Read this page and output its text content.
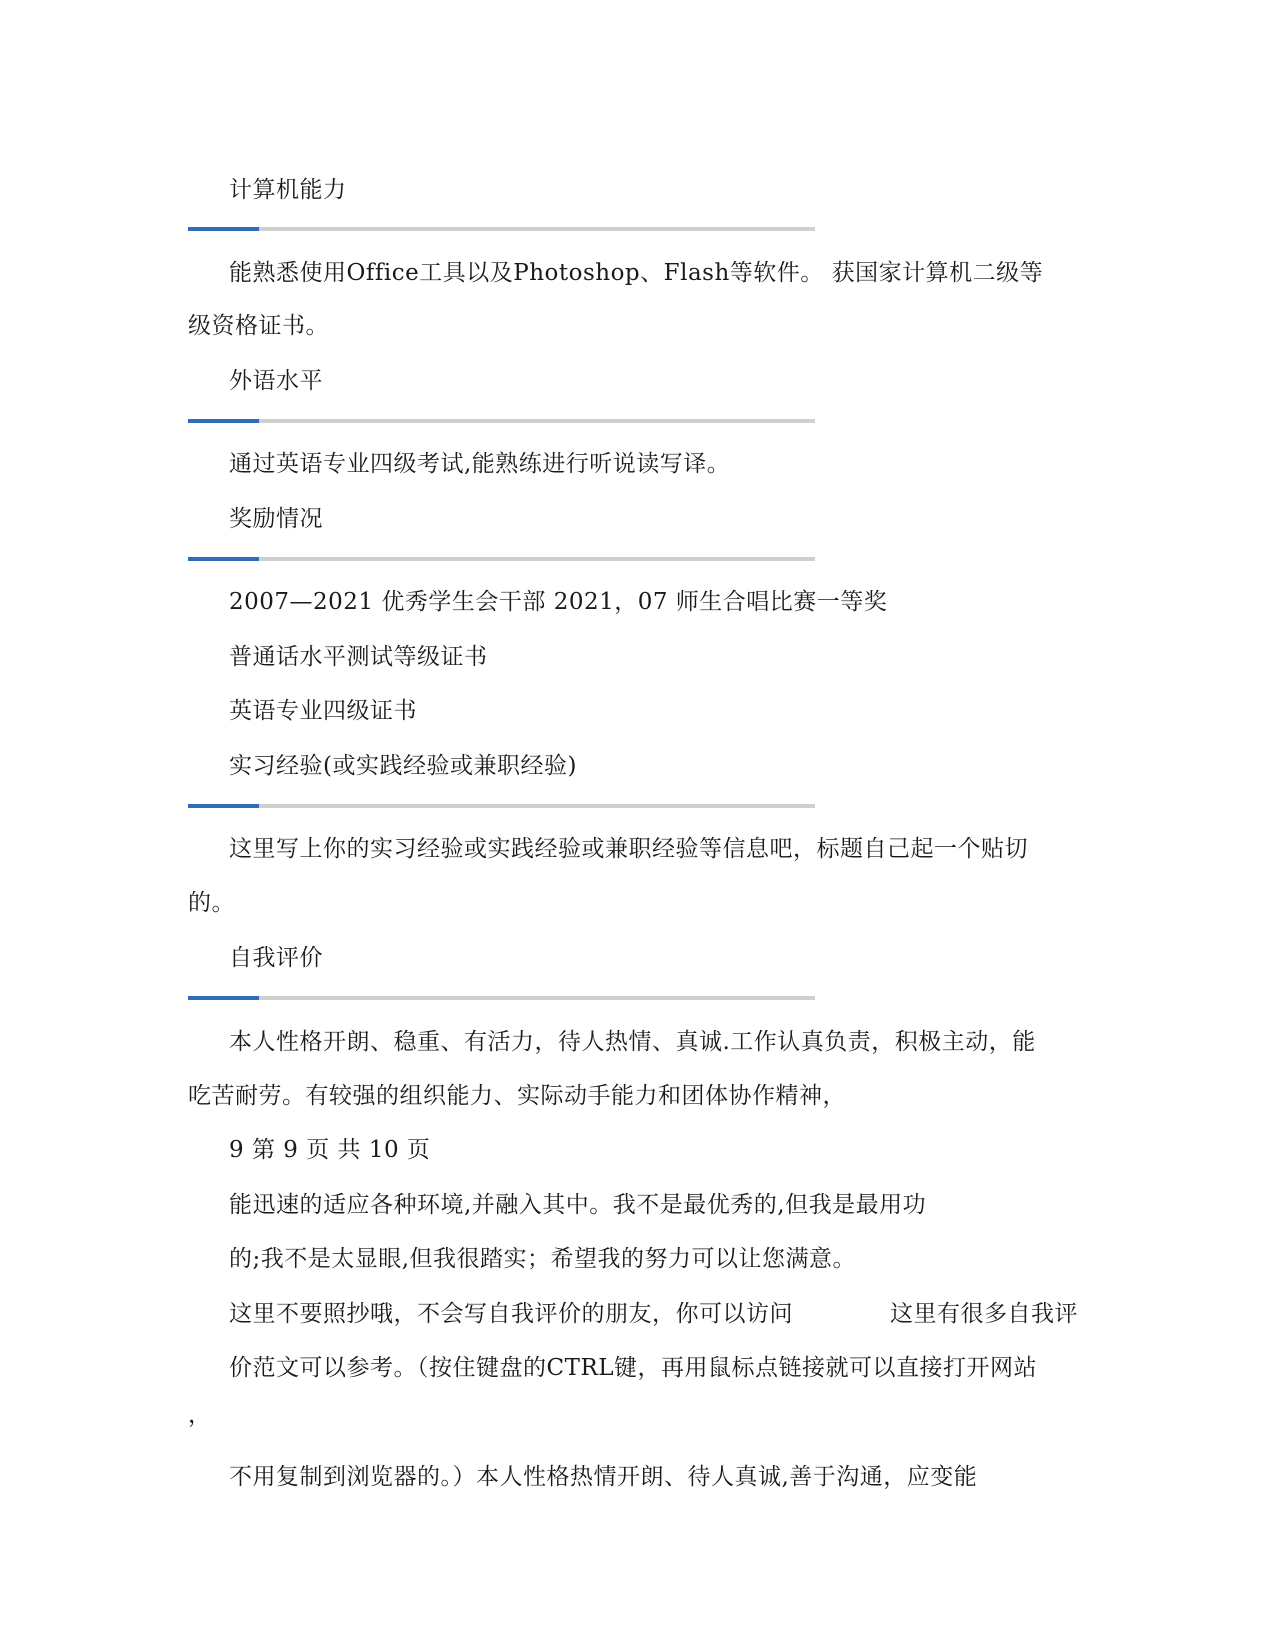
计算机能力
能熟悉使用Office工具以及Photoshop、Flash等软件。 获国家计算机二级等
级资格证书。
外语水平
通过英语专业四级考试,能熟练进行听说读写译。
奖励情况
2007—2021 优秀学生会干部 2021，07 师生合唱比赛一等奖
普通话水平测试等级证书
英语专业四级证书
实习经验(或实践经验或兼职经验)
这里写上你的实习经验或实践经验或兼职经验等信息吧，标题自己起一个贴切
的。
自我评价
本人性格开朗、稳重、有活力，待人热情、真诚.工作认真负责，积极主动，能
吃苦耐劳。有较强的组织能力、实际动手能力和团体协作精神，
9 第 9 页 共 10 页
能迅速的适应各种环境,并融入其中。我不是最优秀的,但我是最用功
的;我不是太显眼,但我很踏实；希望我的努力可以让您满意。
这里不要照抄哦，不会写自我评价的朋友，你可以访问	这里有很多自我评
价范文可以参考。（按住键盘的CTRL键，再用鼠标点链接就可以直接打开网站
，
不用复制到浏览器的。）本人性格热情开朗、待人真诚,善于沟通，应变能
